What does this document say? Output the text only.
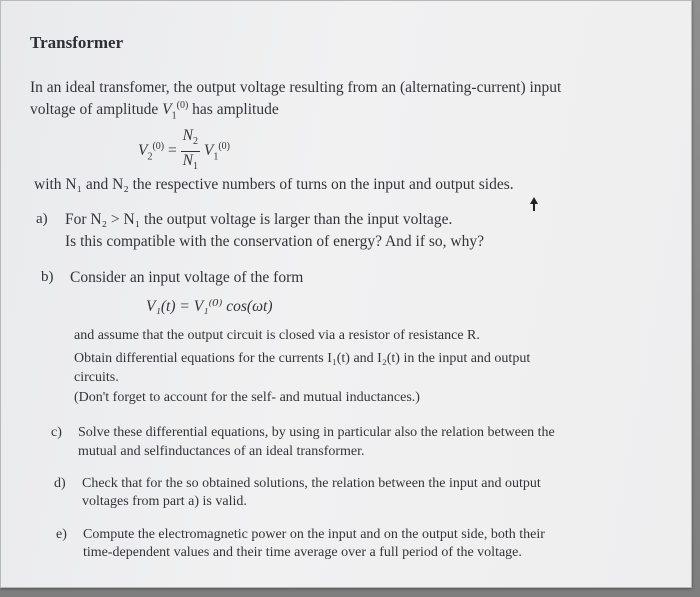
Transformer
In an ideal transfomer, the output voltage resulting from an (alternating-current) input
voltage of amplitude $V_1^{(0)}$ has amplitude
$V_2^{(0)} = \frac{N_2}{N_1} V_1^{(0)}$
with N₁ and N₂ the respective numbers of turns on the input and output sides.
a) For N₂ > N₁ the output voltage is larger than the input voltage.
Is this compatible with the conservation of energy? And if so, why?
b) Consider an input voltage of the form
V₁(t) = V₁⁽⁰⁾ cos(ωt)
and assume that the output circuit is closed via a resistor of resistance R.
Obtain differential equations for the currents I₁(t) and I₂(t) in the input and output
circuits.
(Don't forget to account for the self- and mutual inductances.)
c) Solve these differential equations, by using in particular also the relation between the
mutual and selfinductances of an ideal transformer.
d) Check that for the so obtained solutions, the relation between the input and output
voltages from part a) is valid.
e) Compute the electromagnetic power on the input and on the output side, both their
time-dependent values and their time average over a full period of the voltage.
